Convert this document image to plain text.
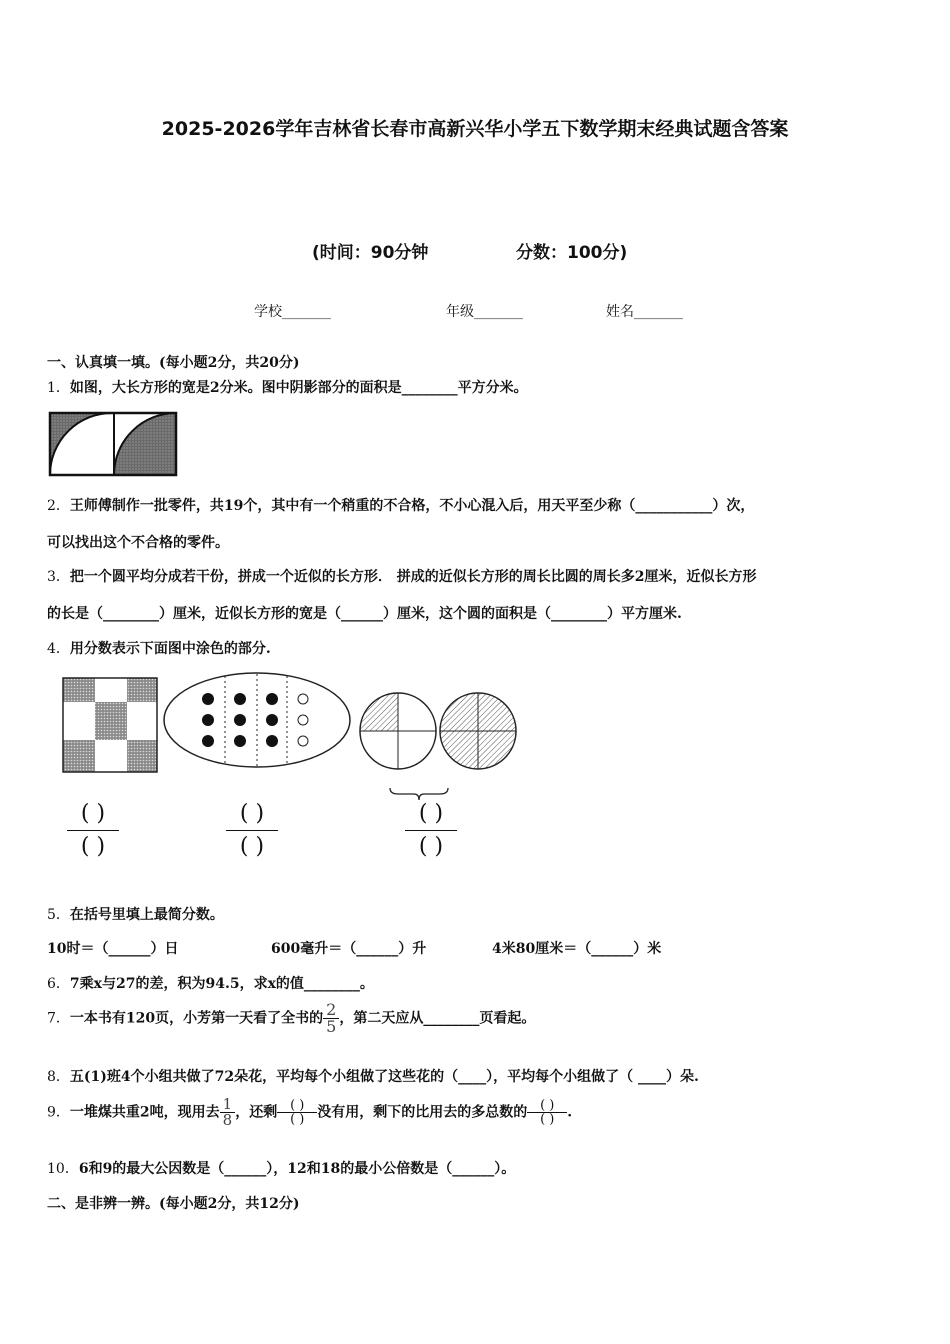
2025-2026学年吉林省长春市高新兴华小学五下数学期末经典试题含答案
(时间：90分钟	分数：100分)
学校_______	年级_______	姓名_______
一、认真填一填。(每小题2分，共20分)
1．如图，大长方形的宽是2分米。图中阴影部分的面积是________平方分米。
2．王师傅制作一批零件，共19个，其中有一个稍重的不合格，不小心混入后，用天平至少称（___________）次，
可以找出这个不合格的零件。
3．把一个圆平均分成若干份，拼成一个近似的长方形． 拼成的近似长方形的周长比圆的周长多2厘米，近似长方形
的长是（________）厘米，近似长方形的宽是（______）厘米，这个圆的面积是（________）平方厘米.
4．用分数表示下面图中涂色的部分.
( )
( )
( )
( )
( )
( )
5．在括号里填上最简分数。
10时＝（______）日	600毫升＝（______）升	4米80厘米＝（______）米
6．7乘x与27的差，积为94.5，求x的值________。
7．一本书有120页，小芳第一天看了全书的 $\frac{2}{5}$ ，第二天应从________页看起。
8．五(1)班4个小组共做了72朵花，平均每个小组做了这些花的（____），平均每个小组做了（ ____）朵.
9．一堆煤共重2吨，现用去 $\frac{1}{8}$ ，还剩 $\frac{( )}{( )}$ 没有用，剩下的比用去的多总数的 $\frac{( )}{( )}$ .
10．6和9的最大公因数是（______），12和18的最小公倍数是（______）。
二、是非辨一辨。(每小题2分，共12分)
